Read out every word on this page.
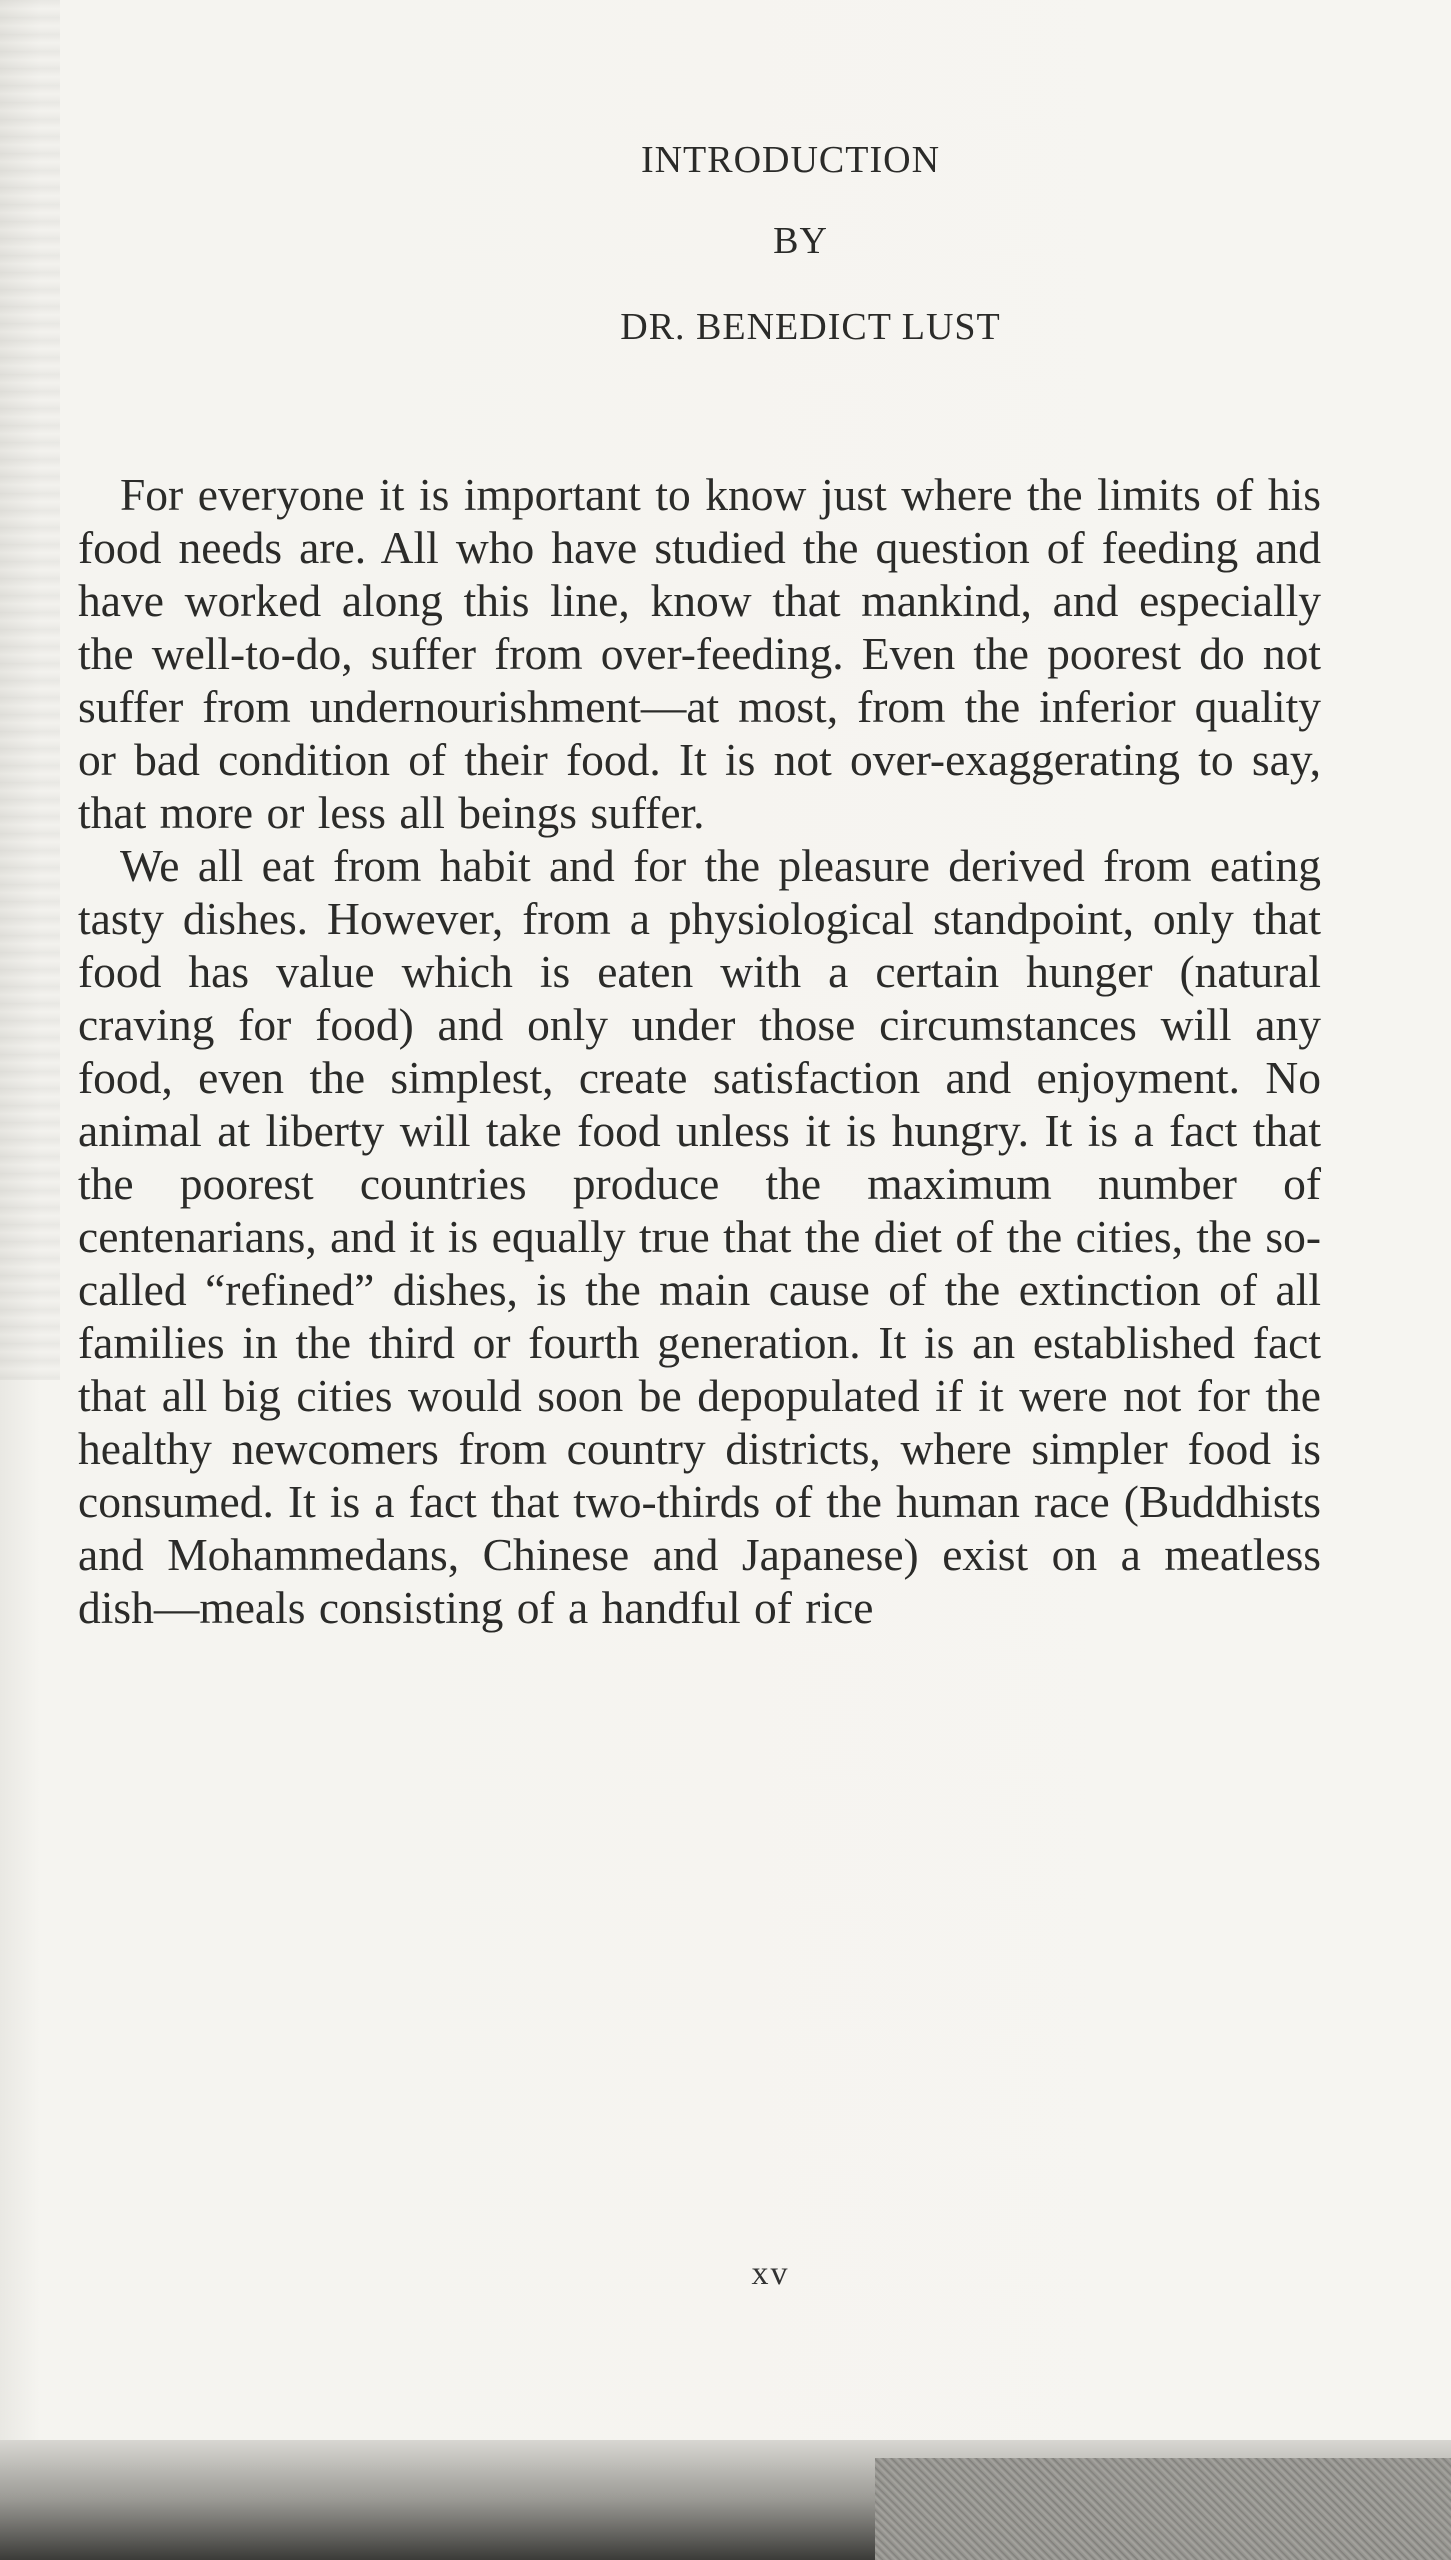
INTRODUCTION
BY
DR. BENEDICT LUST

For everyone it is important to know just where the limits of his food needs are. All who have studied the question of feeding and have worked along this line, know that mankind, and especially the well-to-do, suffer from over-feeding. Even the poorest do not suffer from undernourishment—at most, from the inferior quality or bad condition of their food. It is not over-exaggerating to say, that more or less all beings suffer.

We all eat from habit and for the pleasure derived from eating tasty dishes. However, from a physiological standpoint, only that food has value which is eaten with a certain hunger (natural craving for food) and only under those circumstances will any food, even the simplest, create satisfaction and enjoyment. No animal at liberty will take food unless it is hungry. It is a fact that the poorest countries produce the maximum number of centenarians, and it is equally true that the diet of the cities, the so-called “refined” dishes, is the main cause of the extinction of all families in the third or fourth generation. It is an established fact that all big cities would soon be depopulated if it were not for the healthy newcomers from country districts, where simpler food is consumed. It is a fact that two-thirds of the human race (Buddhists and Mohammedans, Chinese and Japanese) exist on a meatless dish—meals consisting of a handful of rice

xv
